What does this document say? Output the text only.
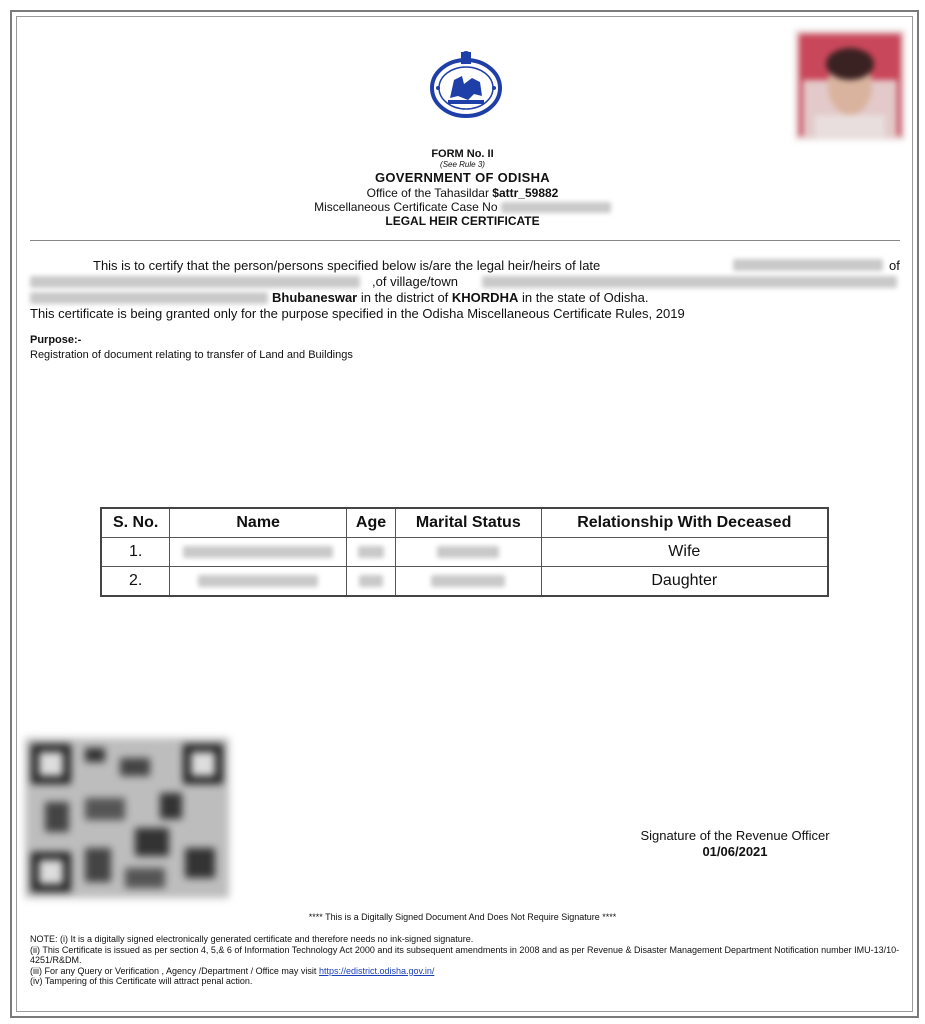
FORM No. II
(See Rule 3)
GOVERNMENT OF ODISHA
Office of the Tahasildar $attr_59882
Miscellaneous Certificate Case No
LEGAL HEIR CERTIFICATE
This is to certify that the person/persons specified below is/are the legal heir/heirs of late	of
,of village/town
Bhubaneswar in the district of KHORDHA in the state of Odisha.
This certificate is being granted only for the purpose specified in the Odisha Miscellaneous Certificate Rules, 2019
Purpose:-
Registration of document relating to transfer of Land and Buildings
S. No.	Name	Age	Marital Status	Relationship With Deceased
1.				Wife
2.				Daughter
Signature of the Revenue Officer
01/06/2021
**** This is a Digitally Signed Document And Does Not Require Signature ****
NOTE: (i) It is a digitally signed electronically generated certificate and therefore needs no ink-signed signature.
(ii) This Certificate is issued as per section 4, 5,& 6 of Information Technology Act 2000 and its subsequent amendments in 2008 and as per Revenue & Disaster Management Department Notification number IMU-13/10-4251/R&DM.
(iii) For any Query or Verification , Agency /Department / Office may visit https://edistrict.odisha.gov.in/
(iv) Tampering of this Certificate will attract penal action.
